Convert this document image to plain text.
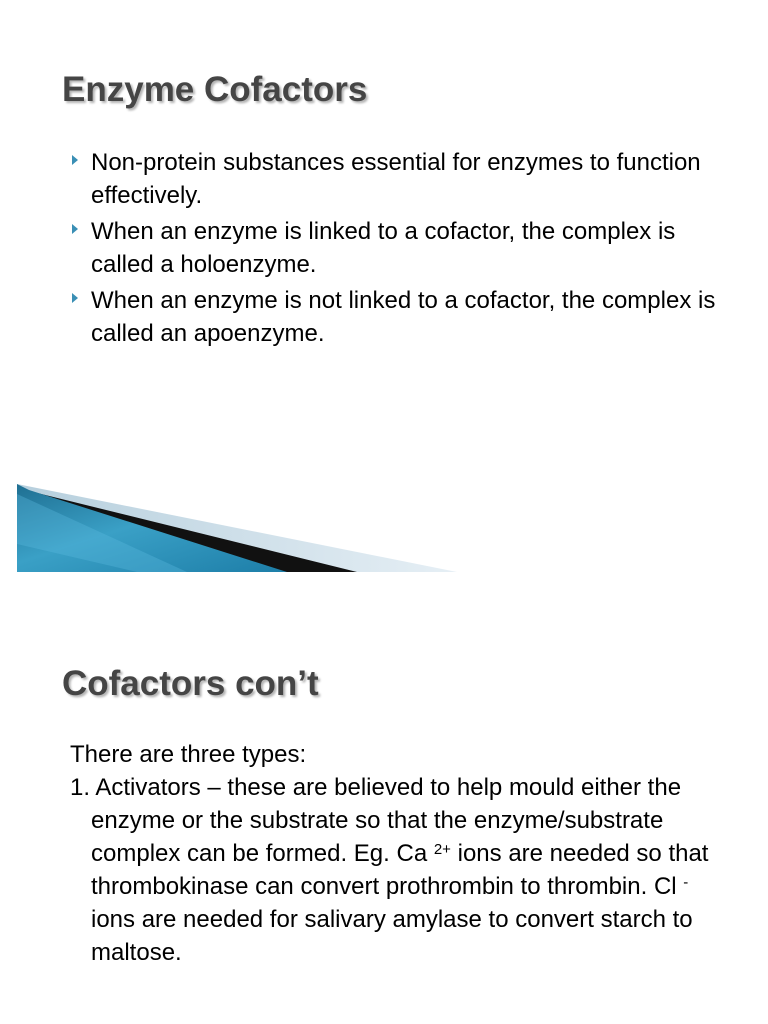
Enzyme Cofactors
Non-protein substances essential for enzymes to function effectively.
When an enzyme is linked to a cofactor, the complex is called a holoenzyme.
When an enzyme is not linked to a cofactor, the complex is called an apoenzyme.
Cofactors con’t

There are three types:

1. Activators – these are believed to help mould either the enzyme or the substrate so that the enzyme/substrate complex can be formed. Eg. Ca $^{2+}$ ions are needed so that thrombokinase can convert prothrombin to thrombin. Cl - ions are needed for salivary amylase to convert starch to maltose.
